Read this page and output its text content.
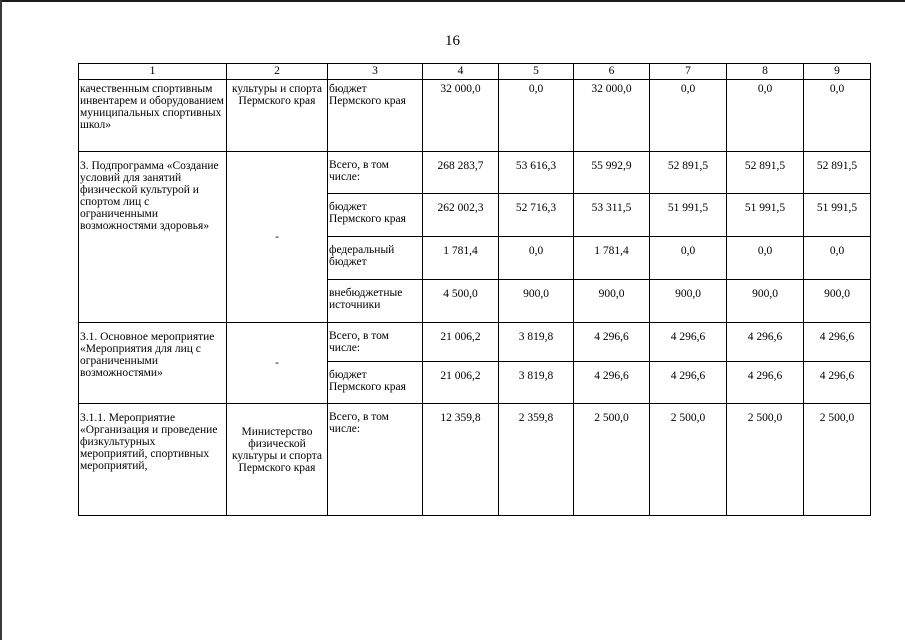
16
1	2	3	4	5	6	7	8	9
качественным спортивным инвентарем и оборудованием муниципальных спортивных школ»	культуры и спорта Пермского края	бюджет Пермского края	32 000,0	0,0	32 000,0	0,0	0,0	0,0
3. Подпрограмма «Создание условий для занятий физической культурой и спортом лиц с ограниченными возможностями здоровья»	-	Всего, в том числе:	268 283,7	53 616,3	55 992,9	52 891,5	52 891,5	52 891,5
		бюджет Пермского края	262 002,3	52 716,3	53 311,5	51 991,5	51 991,5	51 991,5
		федеральный бюджет	1 781,4	0,0	1 781,4	0,0	0,0	0,0
		внебюджетные источники	4 500,0	900,0	900,0	900,0	900,0	900,0
3.1. Основное мероприятие «Мероприятия для лиц с ограниченными возможностями»	-	Всего, в том числе:	21 006,2	3 819,8	4 296,6	4 296,6	4 296,6	4 296,6
		бюджет Пермского края	21 006,2	3 819,8	4 296,6	4 296,6	4 296,6	4 296,6
3.1.1. Мероприятие «Организация и проведение физкультурных мероприятий, спортивных мероприятий,	Министерство физической культуры и спорта Пермского края	Всего, в том числе:	12 359,8	2 359,8	2 500,0	2 500,0	2 500,0	2 500,0
